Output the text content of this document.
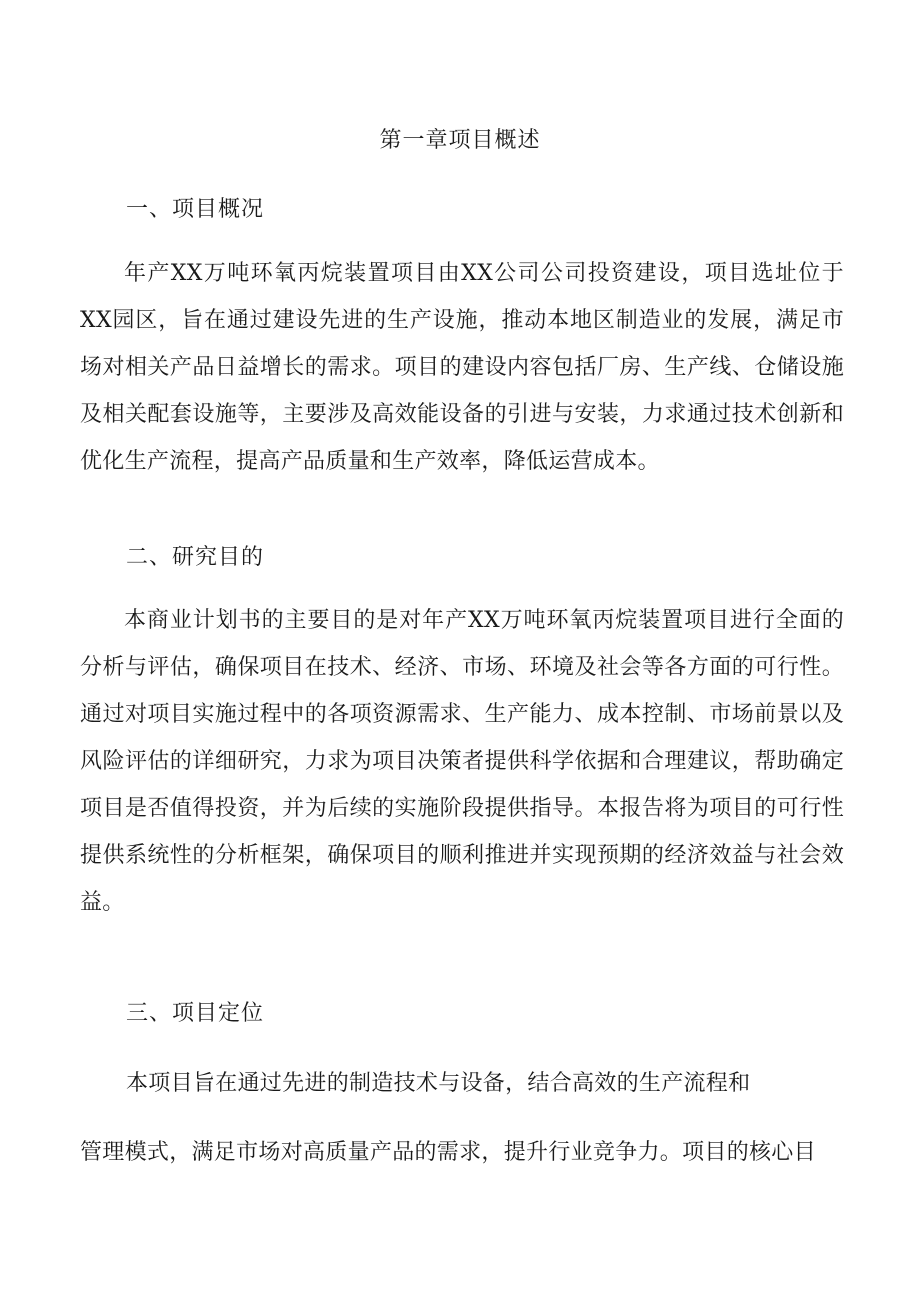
第一章项目概述
一、项目概况
年产XX万吨环氧丙烷装置项目由XX公司公司投资建设，项目选址位于XX园区，旨在通过建设先进的生产设施，推动本地区制造业的发展，满足市场对相关产品日益增长的需求。项目的建设内容包括厂房、生产线、仓储设施及相关配套设施等，主要涉及高效能设备的引进与安装，力求通过技术创新和优化生产流程，提高产品质量和生产效率，降低运营成本。
二、研究目的
本商业计划书的主要目的是对年产XX万吨环氧丙烷装置项目进行全面的分析与评估，确保项目在技术、经济、市场、环境及社会等各方面的可行性。通过对项目实施过程中的各项资源需求、生产能力、成本控制、市场前景以及风险评估的详细研究，力求为项目决策者提供科学依据和合理建议，帮助确定项目是否值得投资，并为后续的实施阶段提供指导。本报告将为项目的可行性提供系统性的分析框架，确保项目的顺利推进并实现预期的经济效益与社会效益。
三、项目定位
本项目旨在通过先进的制造技术与设备，结合高效的生产流程和
管理模式，满足市场对高质量产品的需求，提升行业竞争力。项目的核心目
